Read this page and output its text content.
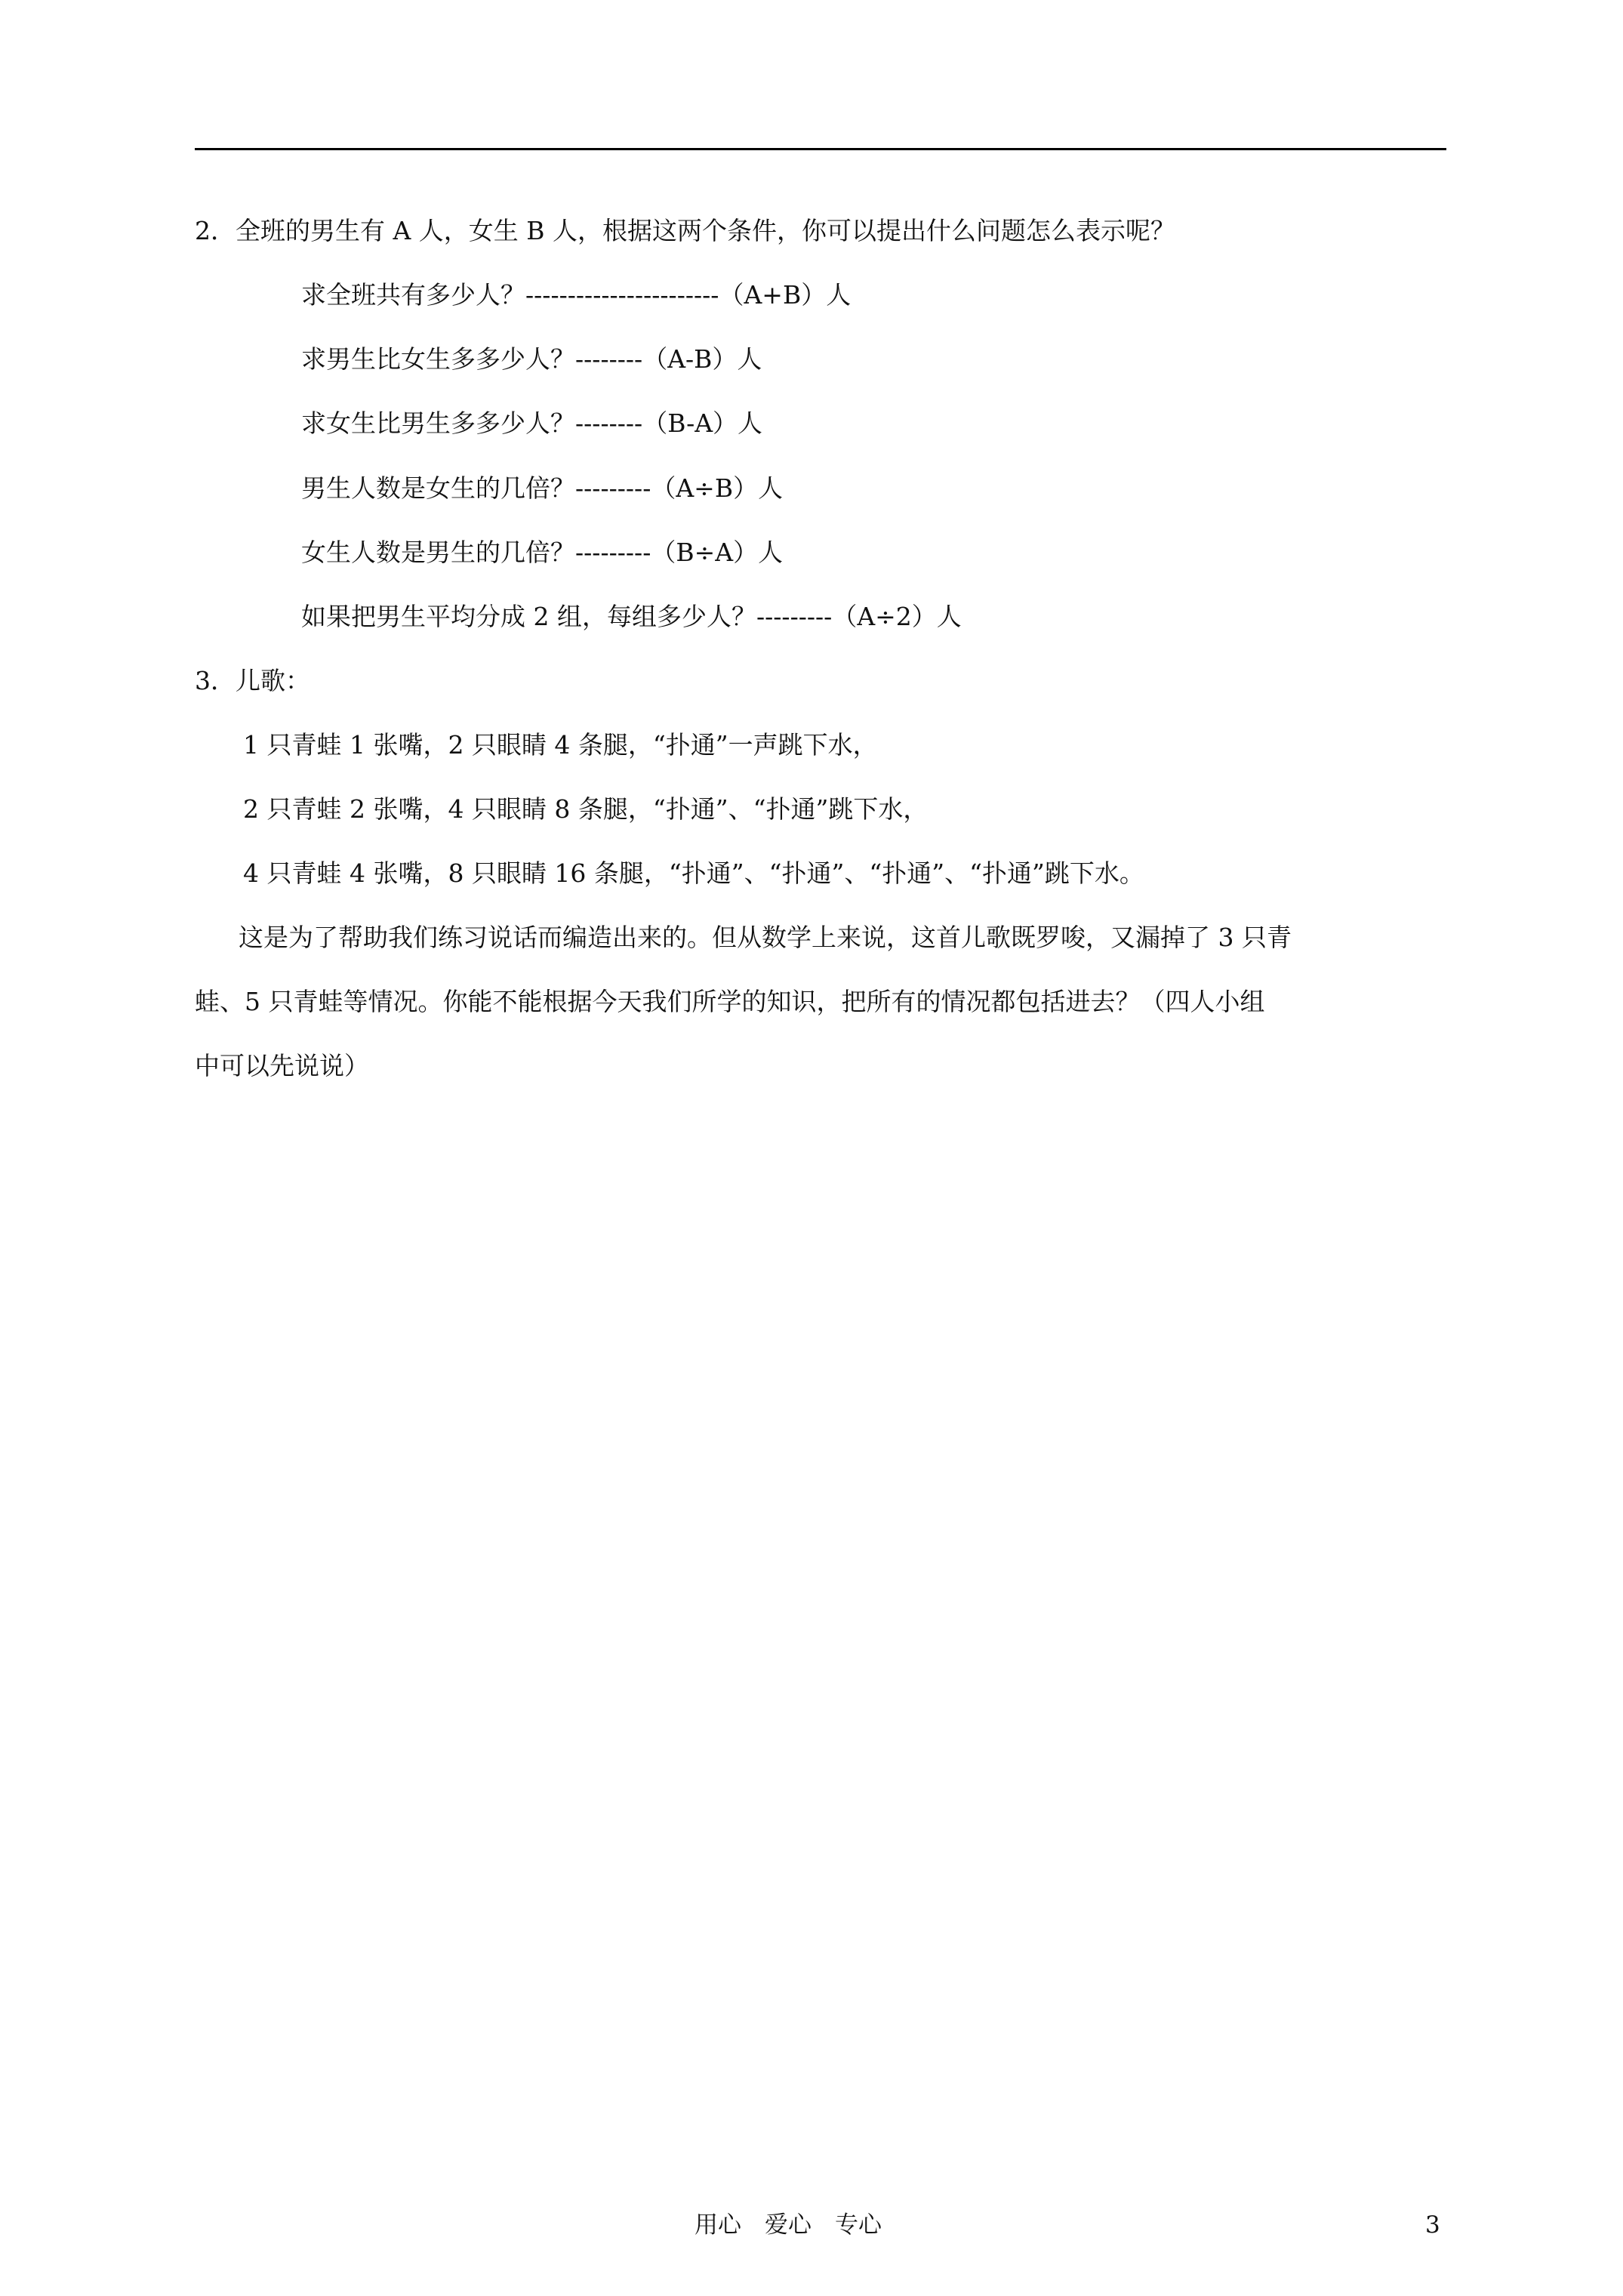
2．全班的男生有 A 人，女生 B 人，根据这两个条件，你可以提出什么问题怎么表示呢？
求全班共有多少人？-----------------------（A+B）人
求男生比女生多多少人？--------（A-B）人
求女生比男生多多少人？--------（B-A）人
男生人数是女生的几倍？---------（A÷B）人
女生人数是男生的几倍？---------（B÷A）人
如果把男生平均分成 2 组，每组多少人？---------（A÷2）人
3．儿歌：
1 只青蛙 1 张嘴，2 只眼睛 4 条腿，“扑通”一声跳下水，
2 只青蛙 2 张嘴，4 只眼睛 8 条腿，“扑通”、“扑通”跳下水，
4 只青蛙 4 张嘴，8 只眼睛 16 条腿，“扑通”、“扑通”、“扑通”、“扑通”跳下水。
这是为了帮助我们练习说话而编造出来的。但从数学上来说，这首儿歌既罗唆，又漏掉了 3 只青
蛙、5 只青蛙等情况。你能不能根据今天我们所学的知识，把所有的情况都包括进去？（四人小组
中可以先说说）
用心　爱心　专心	3
